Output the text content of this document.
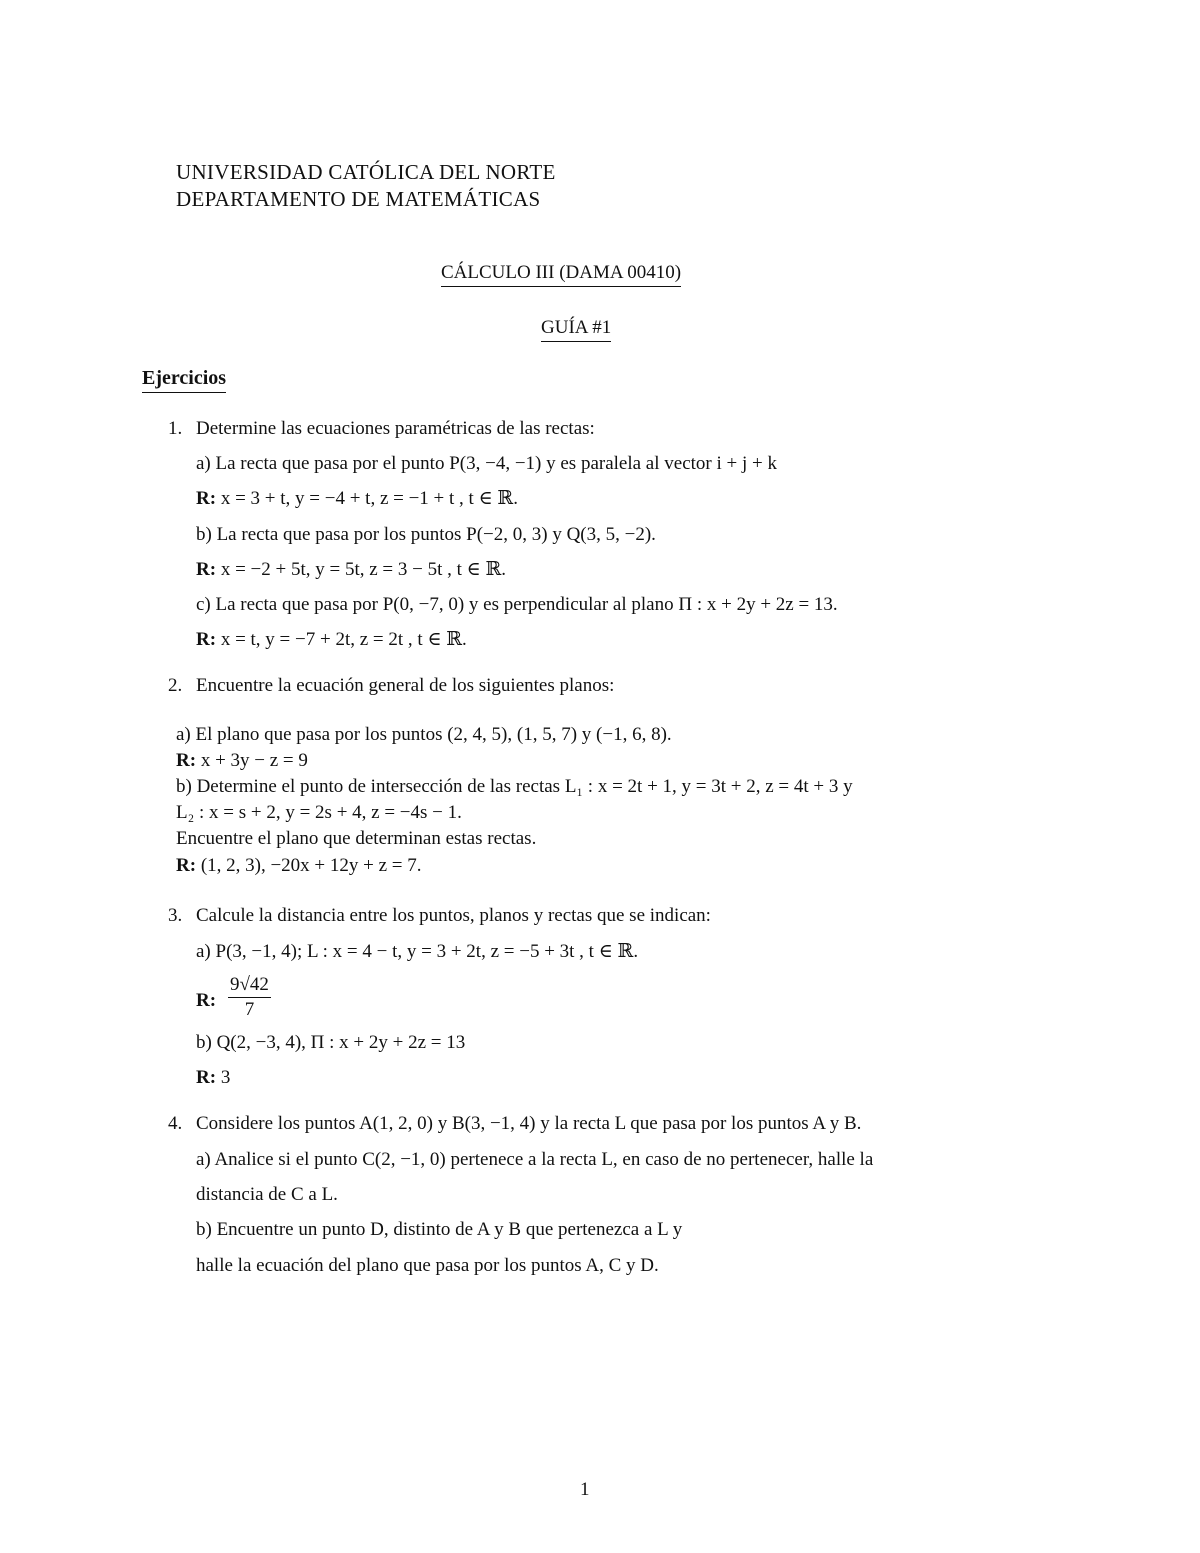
UNIVERSIDAD CATÓLICA DEL NORTE
DEPARTAMENTO DE MATEMÁTICAS
CÁLCULO III (DAMA 00410)
GUÍA #1
Ejercicios
1. Determine las ecuaciones paramétricas de las rectas:
a) La recta que pasa por el punto P(3, −4, −1) y es paralela al vector i + j + k
R: x = 3 + t, y = −4 + t, z = −1 + t , t ∈ ℝ.
b) La recta que pasa por los puntos P(−2, 0, 3) y Q(3, 5, −2).
R: x = −2 + 5t, y = 5t, z = 3 − 5t , t ∈ ℝ.
c) La recta que pasa por P(0, −7, 0) y es perpendicular al plano Π : x + 2y + 2z = 13.
R: x = t, y = −7 + 2t, z = 2t , t ∈ ℝ.
2. Encuentre la ecuación general de los siguientes planos:
a) El plano que pasa por los puntos (2, 4, 5), (1, 5, 7) y (−1, 6, 8).
R: x + 3y − z = 9
b) Determine el punto de intersección de las rectas L₁ : x = 2t + 1, y = 3t + 2, z = 4t + 3 y
L₂ : x = s + 2, y = 2s + 4, z = −4s − 1.
Encuentre el plano que determinan estas rectas.
R: (1, 2, 3), −20x + 12y + z = 7.
3. Calcule la distancia entre los puntos, planos y rectas que se indican:
a) P(3, −1, 4); L : x = 4 − t, y = 3 + 2t, z = −5 + 3t , t ∈ ℝ.
R: $\frac{9√42}{7}$
b) Q(2, −3, 4), Π : x + 2y + 2z = 13
R: 3
4. Considere los puntos A(1, 2, 0) y B(3, −1, 4) y la recta L que pasa por los puntos A y B.
a) Analice si el punto C(2, −1, 0) pertenece a la recta L, en caso de no pertenecer, halle la
distancia de C a L.
b) Encuentre un punto D, distinto de A y B que pertenezca a L y
halle la ecuación del plano que pasa por los puntos A, C y D.
1
